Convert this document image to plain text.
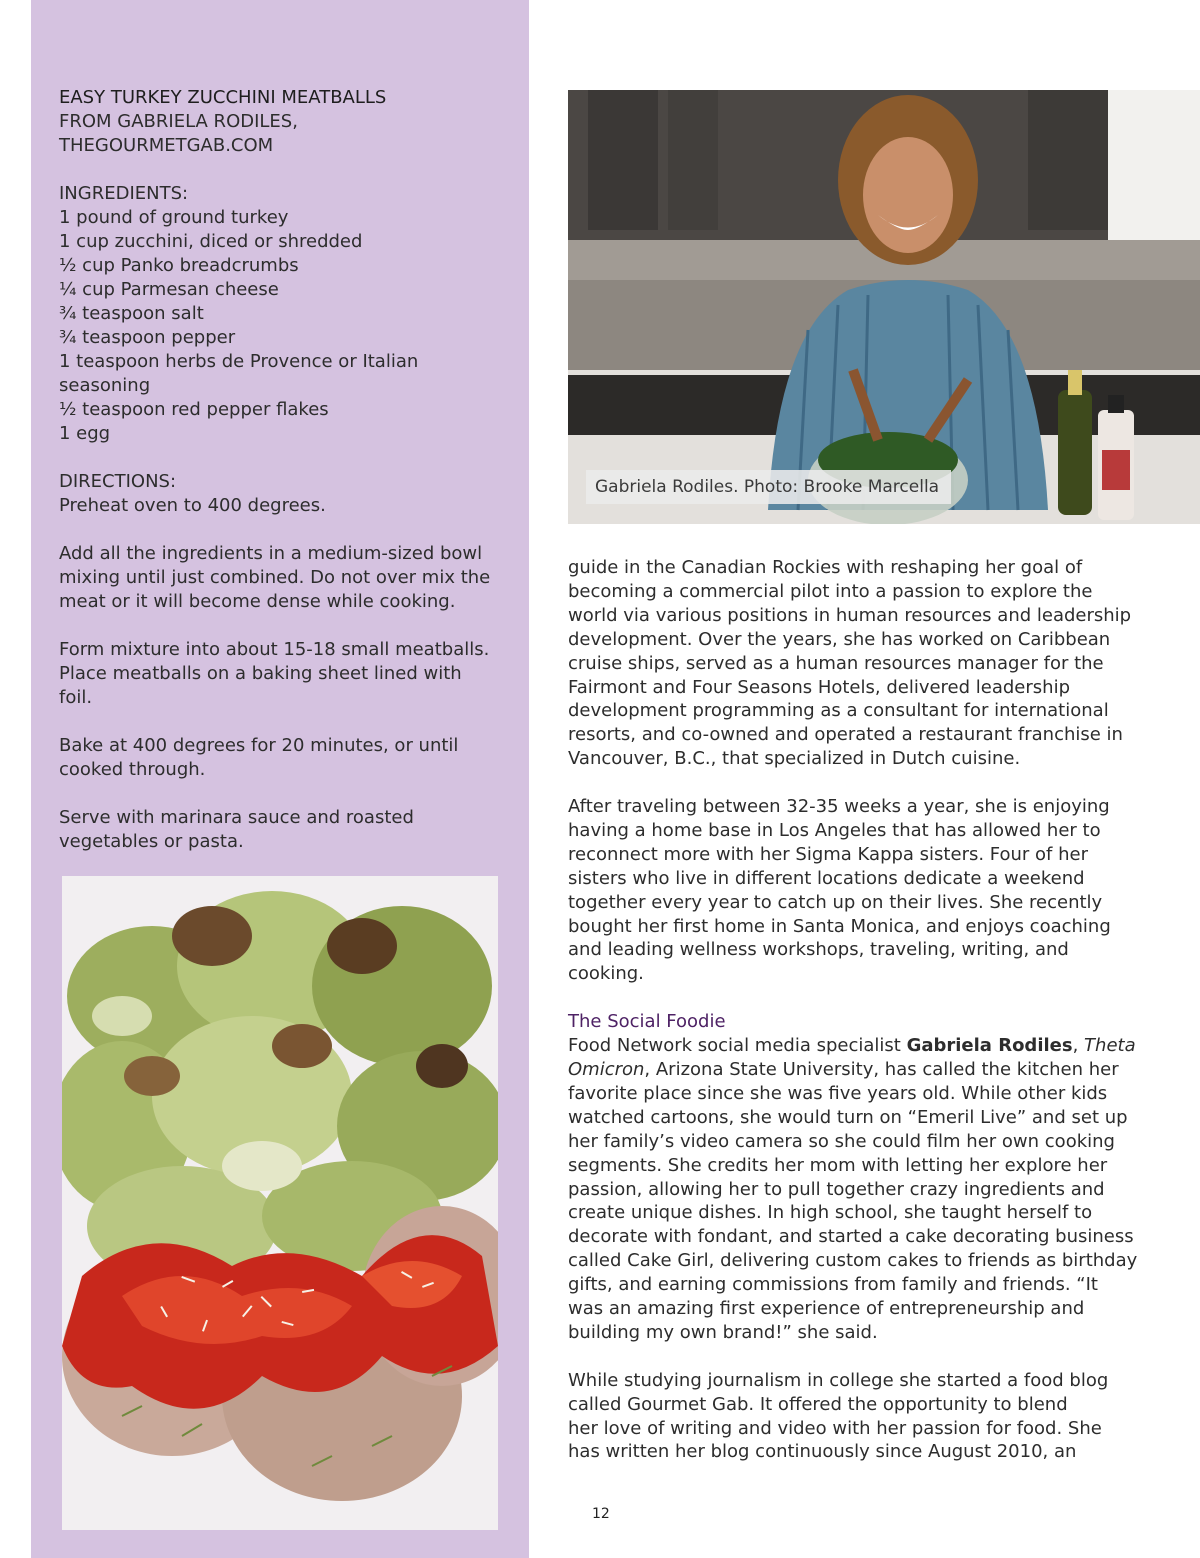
EASY TURKEY ZUCCHINI MEATBALLS
FROM GABRIELA RODILES,
THEGOURMETGAB.COM

INGREDIENTS:
1 pound of ground turkey
1 cup zucchini, diced or shredded
½ cup Panko breadcrumbs
¼ cup Parmesan cheese
¾ teaspoon salt
¾ teaspoon pepper
1 teaspoon herbs de Provence or Italian
seasoning
½ teaspoon red pepper flakes
1 egg

DIRECTIONS:
Preheat oven to 400 degrees.

Add all the ingredients in a medium-sized bowl
mixing until just combined. Do not over mix the
meat or it will become dense while cooking.

Form mixture into about 15-18 small meatballs.
Place meatballs on a baking sheet lined with
foil.

Bake at 400 degrees for 20 minutes, or until
cooked through.

Serve with marinara sauce and roasted
vegetables or pasta.

Gabriela Rodiles. Photo: Brooke Marcella

guide in the Canadian Rockies with reshaping her goal of
becoming a commercial pilot into a passion to explore the
world via various positions in human resources and leadership
development. Over the years, she has worked on Caribbean
cruise ships, served as a human resources manager for the
Fairmont and Four Seasons Hotels, delivered leadership
development programming as a consultant for international
resorts, and co-owned and operated a restaurant franchise in
Vancouver, B.C., that specialized in Dutch cuisine.

After traveling between 32-35 weeks a year, she is enjoying
having a home base in Los Angeles that has allowed her to
reconnect more with her Sigma Kappa sisters. Four of her
sisters who live in different locations dedicate a weekend
together every year to catch up on their lives. She recently
bought her first home in Santa Monica, and enjoys coaching
and leading wellness workshops, traveling, writing, and
cooking.

The Social Foodie
Food Network social media specialist Gabriela Rodiles, Theta
Omicron, Arizona State University, has called the kitchen her
favorite place since she was five years old. While other kids
watched cartoons, she would turn on “Emeril Live” and set up
her family’s video camera so she could film her own cooking
segments. She credits her mom with letting her explore her
passion, allowing her to pull together crazy ingredients and
create unique dishes. In high school, she taught herself to
decorate with fondant, and started a cake decorating business
called Cake Girl, delivering custom cakes to friends as birthday
gifts, and earning commissions from family and friends. “It
was an amazing first experience of entrepreneurship and
building my own brand!” she said.

While studying journalism in college she started a food blog
called Gourmet Gab. It offered the opportunity to blend
her love of writing and video with her passion for food. She
has written her blog continuously since August 2010, an

12
